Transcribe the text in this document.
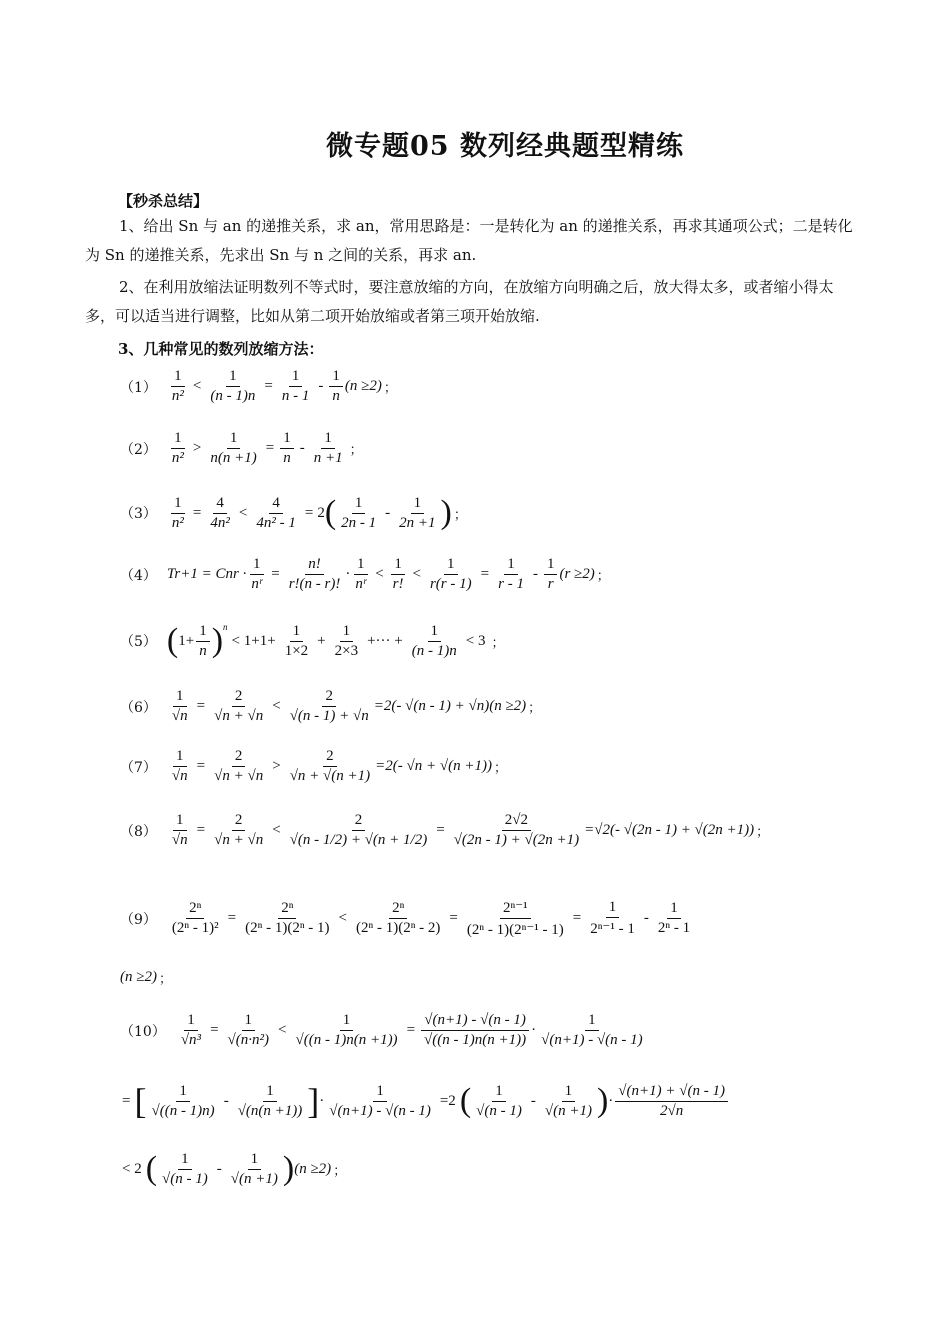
微专题05 数列经典题型精练
【秒杀总结】
1、给出 Sn 与 an 的递推关系，求 an，常用思路是：一是转化为 an 的递推关系，再求其通项公式；二是转化为 Sn 的递推关系，先求出 Sn 与 n 之间的关系，再求 an.
2、在利用放缩法证明数列不等式时，要注意放缩的方向，在放缩方向明确之后，放大得太多，或者缩小得太多，可以适当进行调整，比如从第二项开始放缩或者第三项开始放缩.
3、几种常见的数列放缩方法：
$(1) \frac{1}{\text{n²}} < \frac{1}{(n - 1)n} = \frac{1}{n - 1} - \frac{1}{n} (n \ge 2)$ ；
$(2) \frac{1}{\text{n²}} > \frac{1}{n(n +1)} = \frac{1}{n} - \frac{1}{n +1}$ ；
$(3) \frac{1}{\text{n²}} = \frac{4}{\text{4n²}} < \frac{4}{\text{4n² - 1}} = 2$ ( $\frac{1}{2n - 1} - \frac{1}{2n +1}$ ) ；
（4） Tr+1 = Cnr · $\frac{1}{\text{nʳ}} = \frac{n!}{r!(n - r)!} \cdot \frac{1}{\text{nʳ}} < \frac{1}{r!} < \frac{1}{r(r - 1)} = \frac{1}{r - 1} - \frac{1}{r} (r \ge 2)$ ；
（5） ( $1+ \frac{1}{n} )^n$
< $1+1+ \frac{1}{1\times 2} + \frac{1}{2\times 3}$ +··· + $\frac{1}{(n - 1)n} < 3$ ；
$(6) \frac{1}{√n} = \frac{2}{√n + √n} < \frac{2}{√(n - 1) + √n} =2(-$ √(n - 1) + √n)(n ≥2) ；
$(7) \frac{1}{√n} = \frac{2}{√n + √n} > \frac{2}{√n + √(n +1)} =2(-$ √n + √(n +1)) ；
$(8) \frac{1}{√n} = \frac{2}{√n + √n} < \frac{2}{√(n - 1/2) + √(n + 1/2)} = \frac{2√2}{√(2n - 1) + √(2n +1)} =√2(-$ √(2n - 1) + √(2n +1)) ；
$(9) \frac{\text{2ⁿ}}{\text{(2ⁿ - 1)²}} = \frac{\text{2ⁿ}}{\text{(2ⁿ - 1)(2ⁿ - 1)}} < \frac{\text{2ⁿ}}{\text{(2ⁿ - 1)(2ⁿ - 2)}} = \frac{\text{2ⁿ⁻¹}}{\text{(2ⁿ - 1)(2ⁿ⁻¹ - 1)}} = \frac{1}{\text{2ⁿ⁻¹ - 1}} - \frac{1}{\text{2ⁿ - 1}}$
(n ≥2) ；
$(10) \frac{1}{\text{√n³}} = \frac{1}{\text{√(n·n²)}} < \frac{1}{√((n - 1)n(n +1))} = \frac{√(n+1) - √(n - 1)}{√((n - 1)n(n +1))} \cdot \frac{1}{√(n+1) - √(n - 1)}$
= [ $\frac{1}{√((n - 1)n)} - \frac{1}{√(n(n +1))}$ ] · $\frac{1}{√(n+1) - √(n - 1)} =2$ ( $\frac{1}{√(n - 1)} - \frac{1}{√(n +1)}$ ) · $\frac{√(n+1) + √(n - 1)}{2√n}$
< 2 ( $\frac{1}{√(n - 1)} - \frac{1}{√(n +1)}$ ) (n ≥2) ；
